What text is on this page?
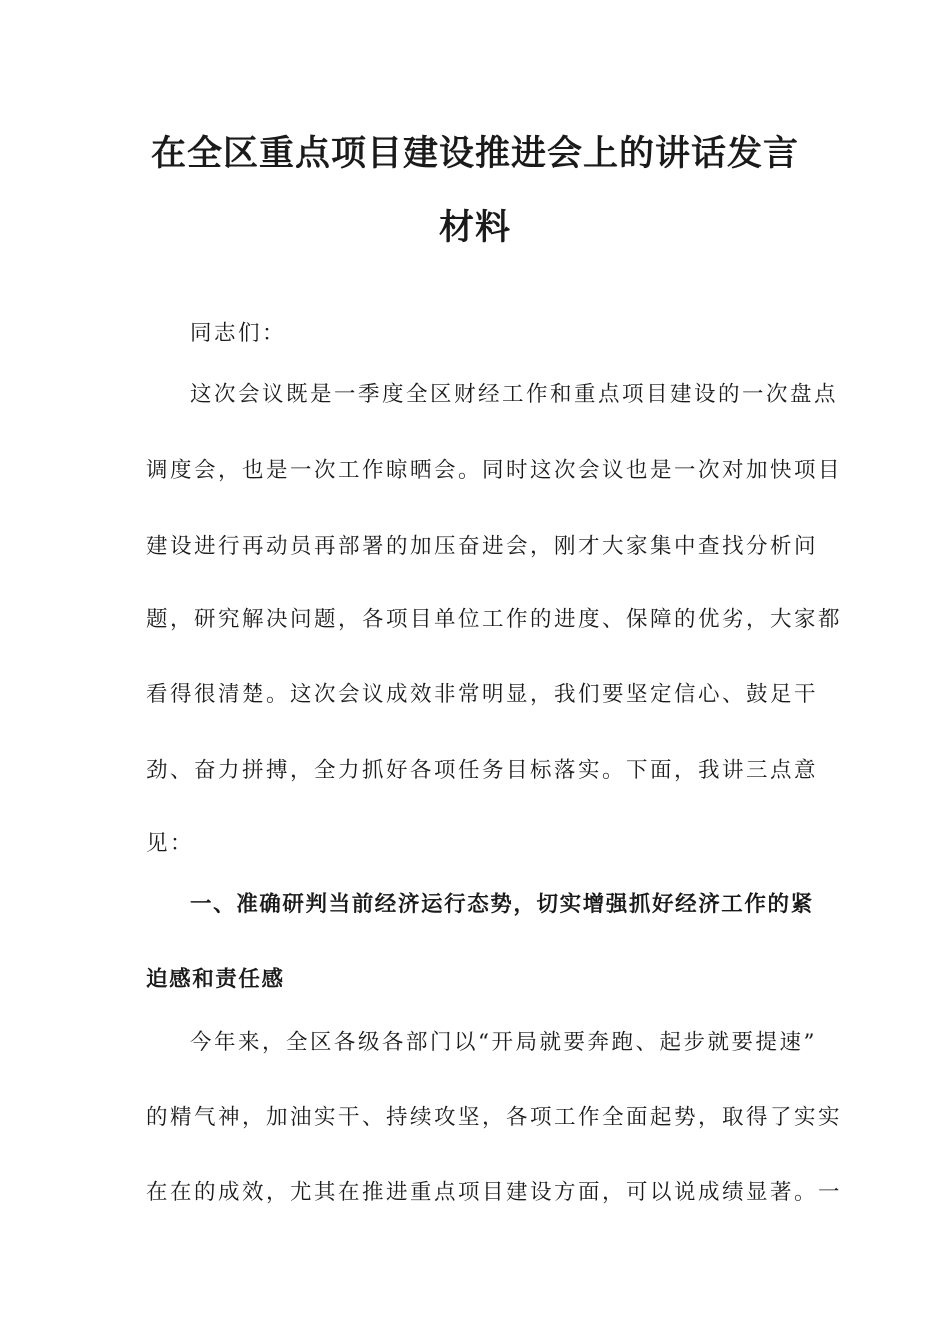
在全区重点项目建设推进会上的讲话发言
材料
同志们：
这次会议既是一季度全区财经工作和重点项目建设的一次盘点
调度会，也是一次工作晾晒会。同时这次会议也是一次对加快项目
建设进行再动员再部署的加压奋进会，刚才大家集中查找分析问
题，研究解决问题，各项目单位工作的进度、保障的优劣，大家都
看得很清楚。这次会议成效非常明显，我们要坚定信心、鼓足干
劲、奋力拼搏，全力抓好各项任务目标落实。下面，我讲三点意
见：
一、准确研判当前经济运行态势，切实增强抓好经济工作的紧
迫感和责任感
今年来，全区各级各部门以“开局就要奔跑、起步就要提速”
的精气神，加油实干、持续攻坚，各项工作全面起势，取得了实实
在在的成效，尤其在推进重点项目建设方面，可以说成绩显著。一
